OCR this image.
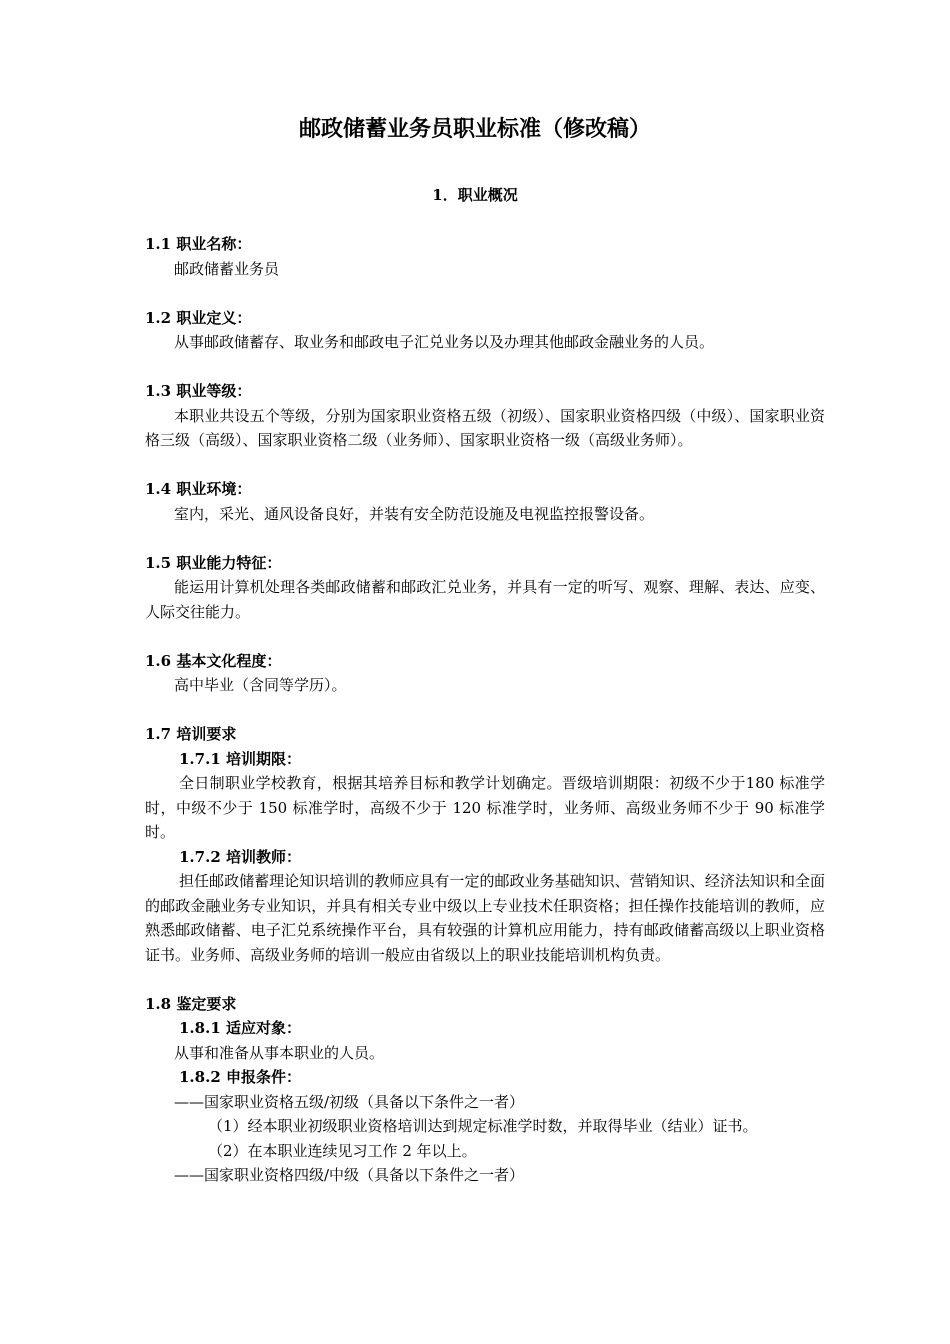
邮政储蓄业务员职业标准（修改稿）
1．职业概况
1.1 职业名称：
邮政储蓄业务员
1.2 职业定义：
从事邮政储蓄存、取业务和邮政电子汇兑业务以及办理其他邮政金融业务的人员。
1.3 职业等级：
本职业共设五个等级，分别为国家职业资格五级（初级）、国家职业资格四级（中级）、国家职业资格三级（高级）、国家职业资格二级（业务师）、国家职业资格一级（高级业务师）。
1.4 职业环境：
室内，采光、通风设备良好，并装有安全防范设施及电视监控报警设备。
1.5 职业能力特征：
能运用计算机处理各类邮政储蓄和邮政汇兑业务，并具有一定的听写、观察、理解、表达、应变、人际交往能力。
1.6 基本文化程度：
高中毕业（含同等学历）。
1.7 培训要求
1.7.1 培训期限：
全日制职业学校教育，根据其培养目标和教学计划确定。晋级培训期限：初级不少于180 标准学时，中级不少于 150 标准学时，高级不少于 120 标准学时，业务师、高级业务师不少于 90 标准学时。
1.7.2 培训教师：
担任邮政储蓄理论知识培训的教师应具有一定的邮政业务基础知识、营销知识、经济法知识和全面的邮政金融业务专业知识，并具有相关专业中级以上专业技术任职资格；担任操作技能培训的教师，应熟悉邮政储蓄、电子汇兑系统操作平台，具有较强的计算机应用能力，持有邮政储蓄高级以上职业资格证书。业务师、高级业务师的培训一般应由省级以上的职业技能培训机构负责。
1.8 鉴定要求
1.8.1 适应对象：
从事和准备从事本职业的人员。
1.8.2 申报条件：
——国家职业资格五级/初级（具备以下条件之一者）
（1）经本职业初级职业资格培训达到规定标准学时数，并取得毕业（结业）证书。
（2）在本职业连续见习工作 2 年以上。
——国家职业资格四级/中级（具备以下条件之一者）
